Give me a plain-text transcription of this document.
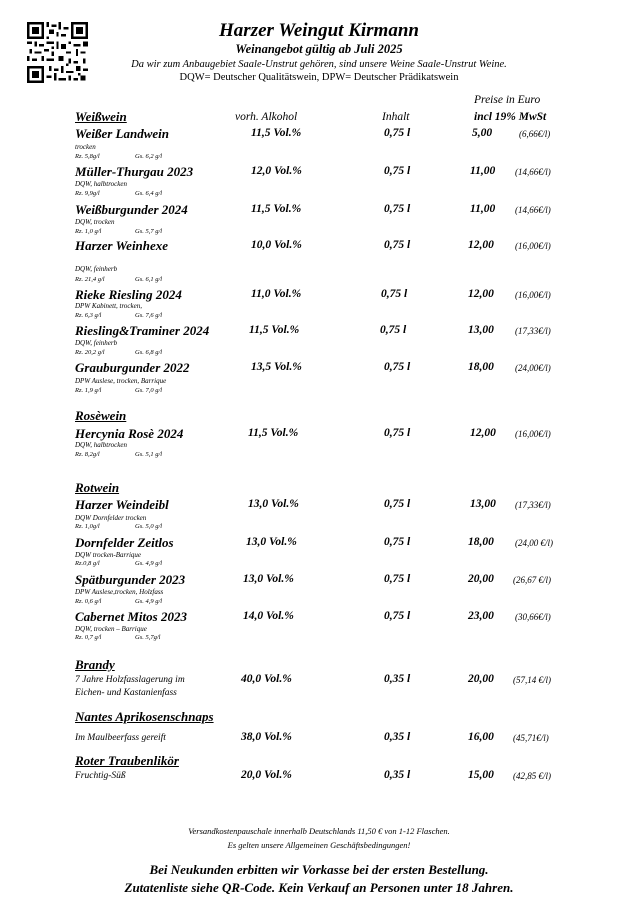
Harzer Weingut Kirmann
Weinangebot gültig ab Juli 2025
Da wir zum Anbaugebiet Saale-Unstrut gehören, sind unsere Weine Saale-Unstrut Weine.
DQW= Deutscher Qualitätswein, DPW= Deutscher Prädikatswein
Preise in Euro
Weißwein	vorh. Alkohol	Inhalt	incl 19% MwSt
Weißer Landwein	11,5 Vol.%	0,75 l	5,00	(6,66€/l)
trocken
Rz. 5,8g/l	Gs. 6,2 g/l
Müller-Thurgau 2023	12,0 Vol.%	0,75 l	11,00 (14,66€/l)
DQW, halbtrocken
Rz. 9,9g/l	Gs. 6,4 g/l
Weißburgunder 2024	11,5 Vol.%	0,75 l	11,00 (14,66€/l)
DQW, trocken
Rz. 1,0 g/l	Gs. 5,7 g/l
Harzer Weinhexe	10,0 Vol.%	0,75 l	12,00 (16,00€/l)
DQW, feinherb
Rz. 21,4 g/l	Gs. 6,1 g/l
Rieke Riesling 2024	11,0 Vol.%	0,75 l	12,00 (16,00€/l)
DPW Kabinett, trocken,
Rz. 6,3 g/l	Gs. 7,6 g/l
Riesling&Traminer 2024	11,5 Vol.%	0,75 l	13,00 (17,33€/l)
DQW, feinherb
Rz. 20,2 g/l	Gs. 6,8 g/l
Grauburgunder 2022	13,5 Vol.%	0,75 l	18,00 (24,00€/l)
DPW Auslese, trocken, Barrique
Rz. 1,9 g/l	Gs. 7,0 g/l
Hercynia Rosè 2024	11,5 Vol.%	0,75 l	12,00 (16,00€/l)
DQW, halbtrocken
Rz. 8,2g/l	Gs. 5,1 g/l
Harzer Weindeibl	13,0 Vol.%	0,75 l	13,00 (17,33€/l)
DQW Dornfelder trocken
Rz. 1,0g/l	Gs. 5,0 g/l
Dornfelder Zeitlos	13,0 Vol.%	0,75 l	18,00 (24,00 €/l)
DQW trocken-Barrique
Rz.0,8 g/l	Gs. 4,9 g/l
Spätburgunder 2023	13,0 Vol.%	0,75 l	20,00 (26,67 €/l)
DPW Auslese,trocken, Holzfass
Rz. 0,6 g/l	Gs. 4,9 g/l
Cabernet Mitos 2023	14,0 Vol.%	0,75 l	23,00 (30,66€/l)
DQW, trocken – Barrique
Rz. 0,7 g/l	Gs. 5,7g/l
Rosèwein
Rotwein
Brandy
Nantes Aprikosenschnaps
Roter Traubenlikör
7 Jahre Holzfasslagerung im
Eichen- und Kastanienfass
40,0 Vol.%	0,35 l	20,00 (57,14 €/l)
Im Maulbeerfass gereift	38,0 Vol.%	0,35 l	16,00 (45,71€/l)
Fruchtig-Süß	20,0 Vol.%	0,35 l	15,00 (42,85 €/l)
Versandkostenpauschale innerhalb Deutschlands 11,50 € von 1-12 Flaschen.
Es gelten unsere Allgemeinen Geschäftsbedingungen!
Bei Neukunden erbitten wir Vorkasse bei der ersten Bestellung.
Zutatenliste siehe QR-Code. Kein Verkauf an Personen unter 18 Jahren.
